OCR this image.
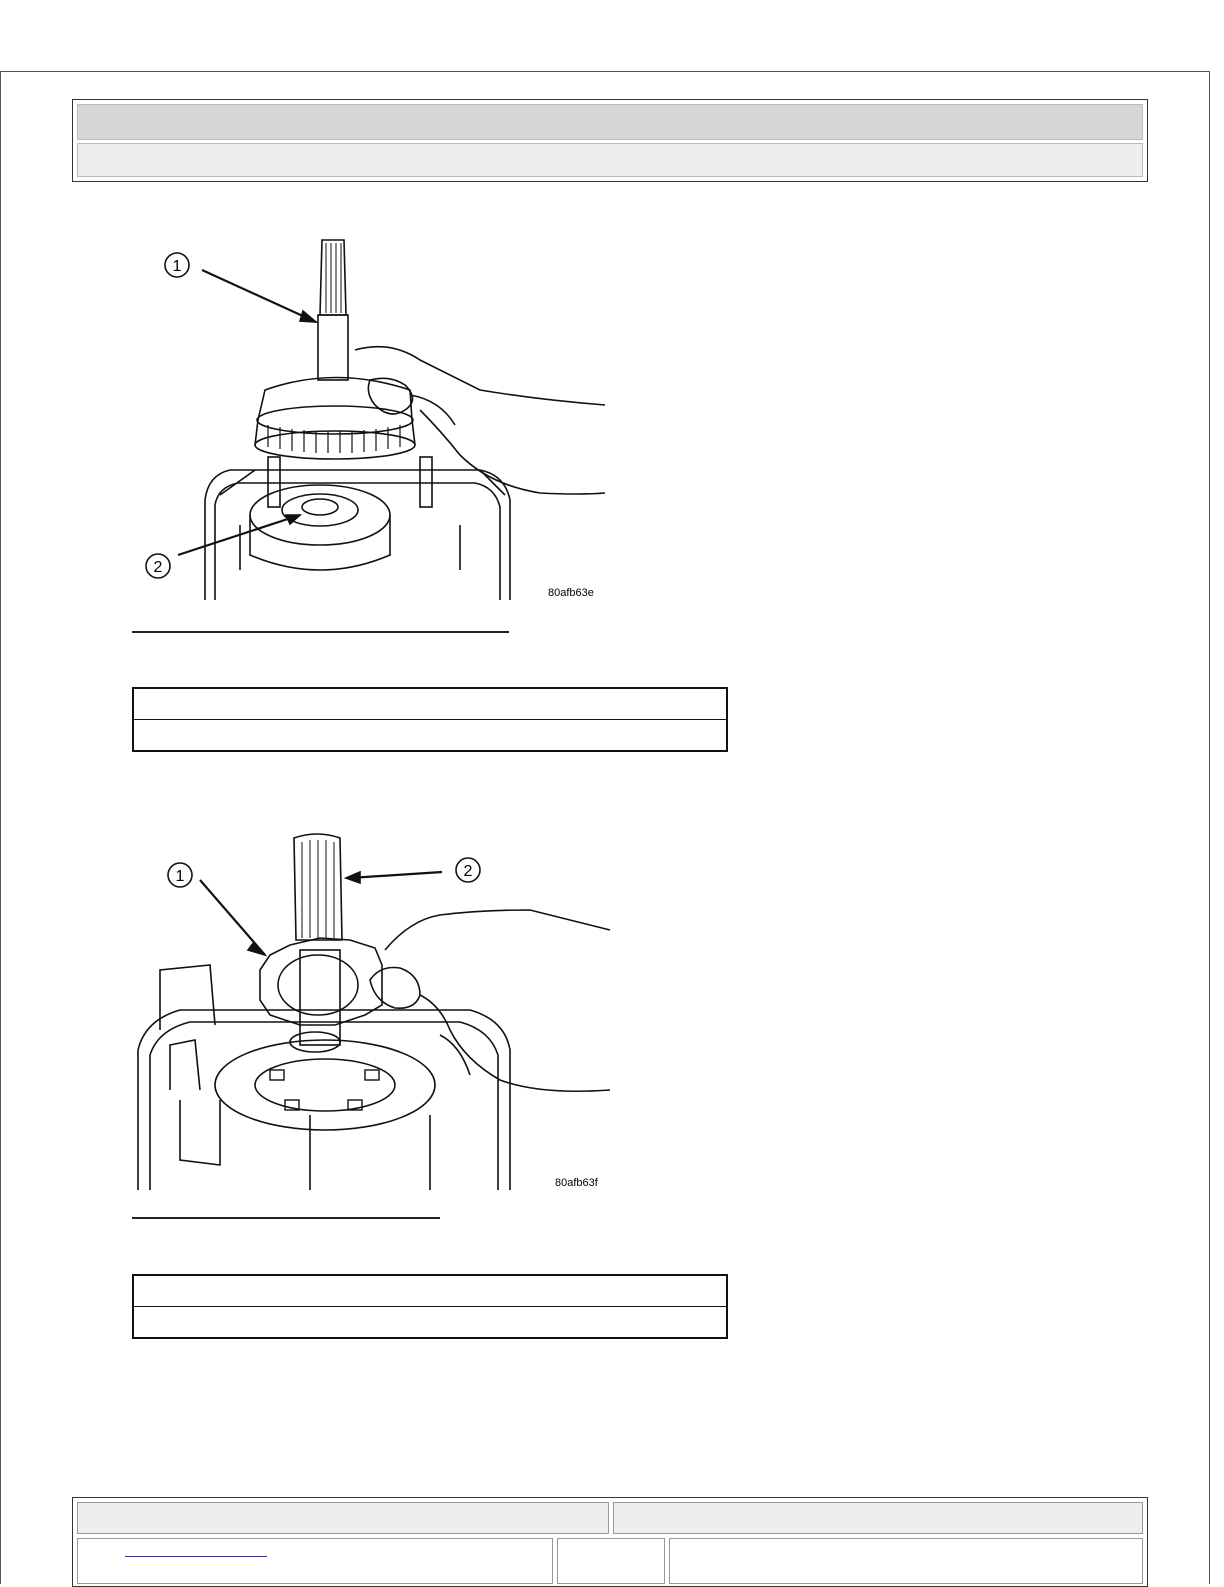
1
2
80afb63e
1	2
80afb63f
